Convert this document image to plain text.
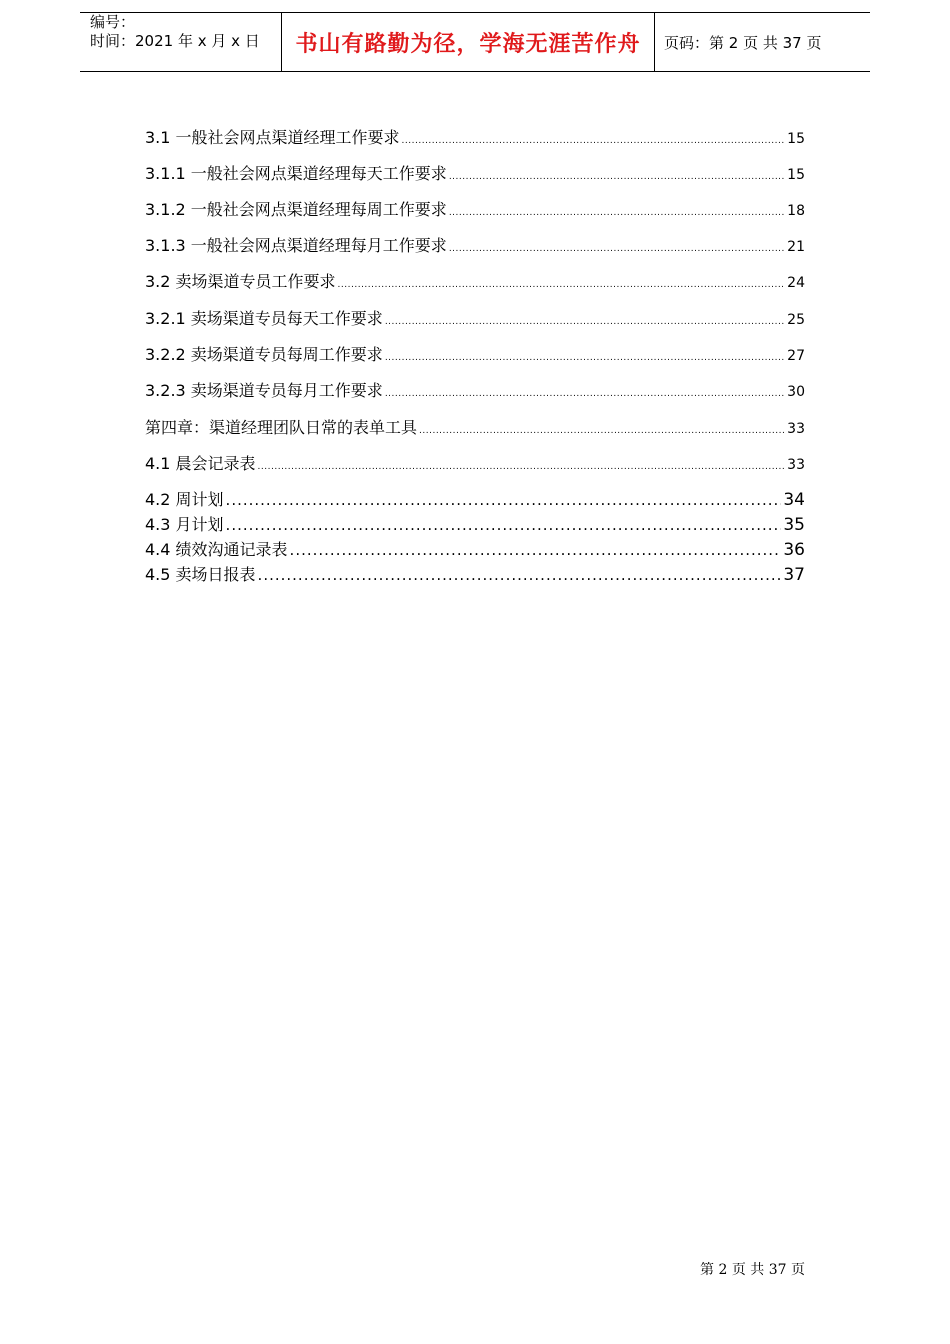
编号：
时间：2021 年 x 月 x 日 书山有路勤为径，学海无涯苦作舟 页码：第 2 页 共 37 页
3.1 一般社会网点渠道经理工作要求 .....	15
3.1.1 一般社会网点渠道经理每天工作要求 .....	15
3.1.2 一般社会网点渠道经理每周工作要求 .....	18
3.1.3 一般社会网点渠道经理每月工作要求 .....	21
3.2 卖场渠道专员工作要求 .....	24
3.2.1 卖场渠道专员每天工作要求 .....	25
3.2.2 卖场渠道专员每周工作要求 .....	27
3.2.3 卖场渠道专员每月工作要求 .....	30
第四章：渠道经理团队日常的表单工具 .....	33
4.1 晨会记录表 .....	33
4.2 周计划 .....	34
4.3 月计划 .....	35
4.4 绩效沟通记录表 .....	36
4.5 卖场日报表 .....	37
第 2 页 共 37 页
